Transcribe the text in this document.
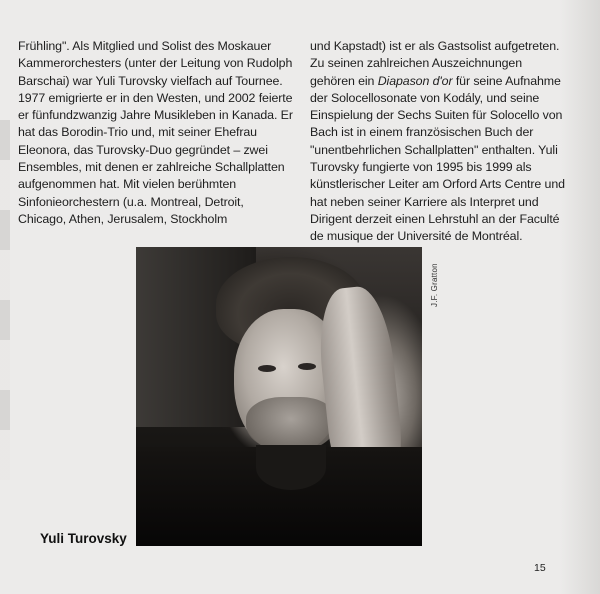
Frühling". Als Mitglied und Solist des Moskauer Kammerorchesters (unter der Leitung von Rudolph Barschai) war Yuli Turovsky vielfach auf Tournee. 1977 emigrierte er in den Westen, und 2002 feierte er fünfundzwanzig Jahre Musikleben in Kanada. Er hat das Borodin-Trio und, mit seiner Ehefrau Eleonora, das Turovsky-Duo gegründet – zwei Ensembles, mit denen er zahlreiche Schallplatten aufgenommen hat. Mit vielen berühmten Sinfonieorchestern (u.a. Montreal, Detroit, Chicago, Athen, Jerusalem, Stockholm

und Kapstadt) ist er als Gastsolist aufgetreten. Zu seinen zahlreichen Auszeichnungen gehören ein Diapason d'or für seine Aufnahme der Solocellosonate von Kodály, und seine Einspielung der Sechs Suiten für Solocello von Bach ist in einem französischen Buch der "unentbehrlichen Schallplatten" enthalten. Yuli Turovsky fungierte von 1995 bis 1999 als künstlerischer Leiter am Orford Arts Centre und hat neben seiner Karriere als Interpret und Dirigent derzeit einen Lehrstuhl an der Faculté de musique der Université de Montréal.

J.F. Gratton
Yuli Turovsky
15
